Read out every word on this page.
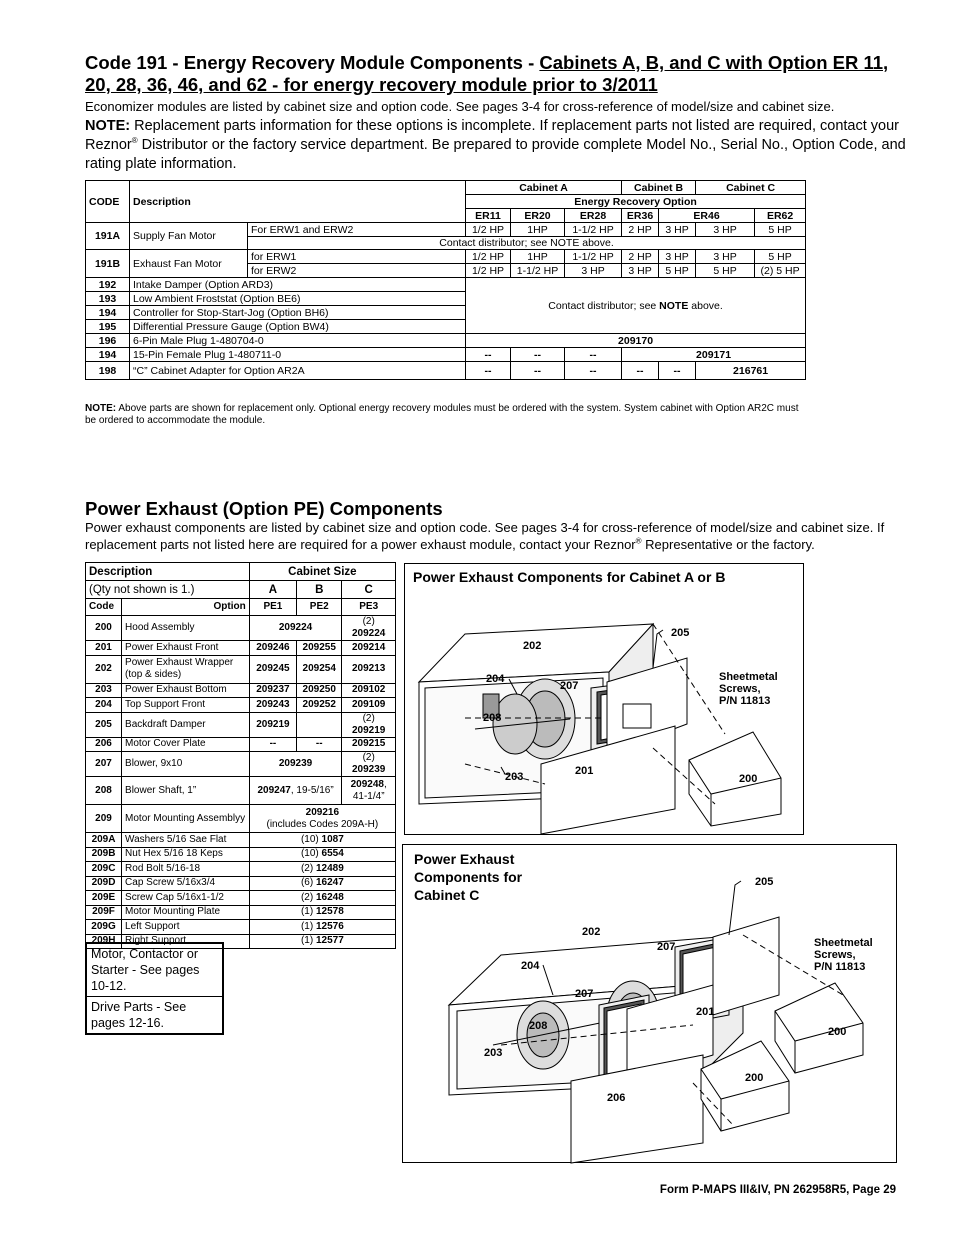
Code 191 - Energy Recovery Module Components - Cabinets A, B, and C with Option ER 11, 20, 28, 36, 46, and 62 - for energy recovery module prior to 3/2011
Economizer modules are listed by cabinet size and option code. See pages 3-4 for cross-reference of model/size and cabinet size.
NOTE: Replacement parts information for these options is incomplete. If replacement parts not listed are required, contact your Reznor® Distributor or the factory service department. Be prepared to provide complete Model No., Serial No., Option Code, and rating plate information.
CODE	Description		Cabinet A			Cabinet B		Cabinet C	
			Energy Recovery Option						
			ER11	ER20	ER28	ER36	ER46		ER62
191A	Supply Fan Motor	For ERW1 and ERW2	1/2 HP	1HP	1-1/2 HP	2 HP	3 HP	3 HP	5 HP
		Contact distributor; see NOTE above.							
191B	Exhaust Fan Motor	for ERW1	1/2 HP	1HP	1-1/2 HP	2 HP	3 HP	3 HP	5 HP
		for ERW2	1/2 HP	1-1/2 HP	3 HP	3 HP	5 HP	5 HP	(2) 5 HP
192	Intake Damper (Option ARD3)		Contact distributor; see NOTE above.						
193	Low Ambient Froststat (Option BE6)								
194	Controller for Stop-Start-Jog (Option BH6)								
195	Differential Pressure Gauge (Option BW4)								
196	6-Pin Male Plug 1-480704-0		209170						
194	15-Pin Female Plug 1-480711-0		--	--	--	209171			
198	“C” Cabinet Adapter for Option AR2A		--	--	--	--	--	216761	
NOTE: Above parts are shown for replacement only. Optional energy recovery modules must be ordered with the system. System cabinet with Option AR2C must be ordered to accommodate the module.
Power Exhaust (Option PE) Components
Power exhaust components are listed by cabinet size and option code. See pages 3-4 for cross-reference of model/size and cabinet size. If replacement parts not listed here are required for a power exhaust module, contact your Reznor® Representative or the factory.
Description		Cabinet Size		
(Qty not shown is 1.)		A	B	C
Code	Option	PE1	PE2	PE3
200	Hood Assembly	209224		(2) 209224
201	Power Exhaust Front	209246	209255	209214
202	Power Exhaust Wrapper (top & sides)	209245	209254	209213
203	Power Exhaust Bottom	209237	209250	209102
204	Top Support Front	209243	209252	209109
205	Backdraft Damper	209219		(2) 209219
206	Motor Cover Plate	--	--	209215
207	Blower, 9x10	209239		(2) 209239
208	Blower Shaft, 1”	209247, 19-5/16”		209248, 41-1/4”
209	Motor Mounting Assemblyy	209216
(includes Codes 209A-H)		
209A	Washers 5/16 Sae Flat	(10) 1087		
209B	Nut Hex 5/16 18 Keps	(10) 6554		
209C	Rod Bolt 5/16-18	(2) 12489		
209D	Cap Screw 5/16x3/4	(6) 16247		
209E	Screw Cap 5/16x1-1/2	(2) 16248		
209F	Motor Mounting Plate	(1) 12578		
209G	Left Support	(1) 12576		
209H	Right Support	(1) 12577		
Motor, Contactor or Starter - See pages 10-12.
Drive Parts - See pages 12-16.
Power Exhaust Components for Cabinet A or B
202
205
204
207
208
203	201
200
Sheetmetal
Screws,
P/N 11813
Power Exhaust Components for Cabinet C
205
202
207
204
207
208
201
203
200
200
206
Sheetmetal
Screws,
P/N 11813
Form P-MAPS III&IV, PN 262958R5, Page 29
